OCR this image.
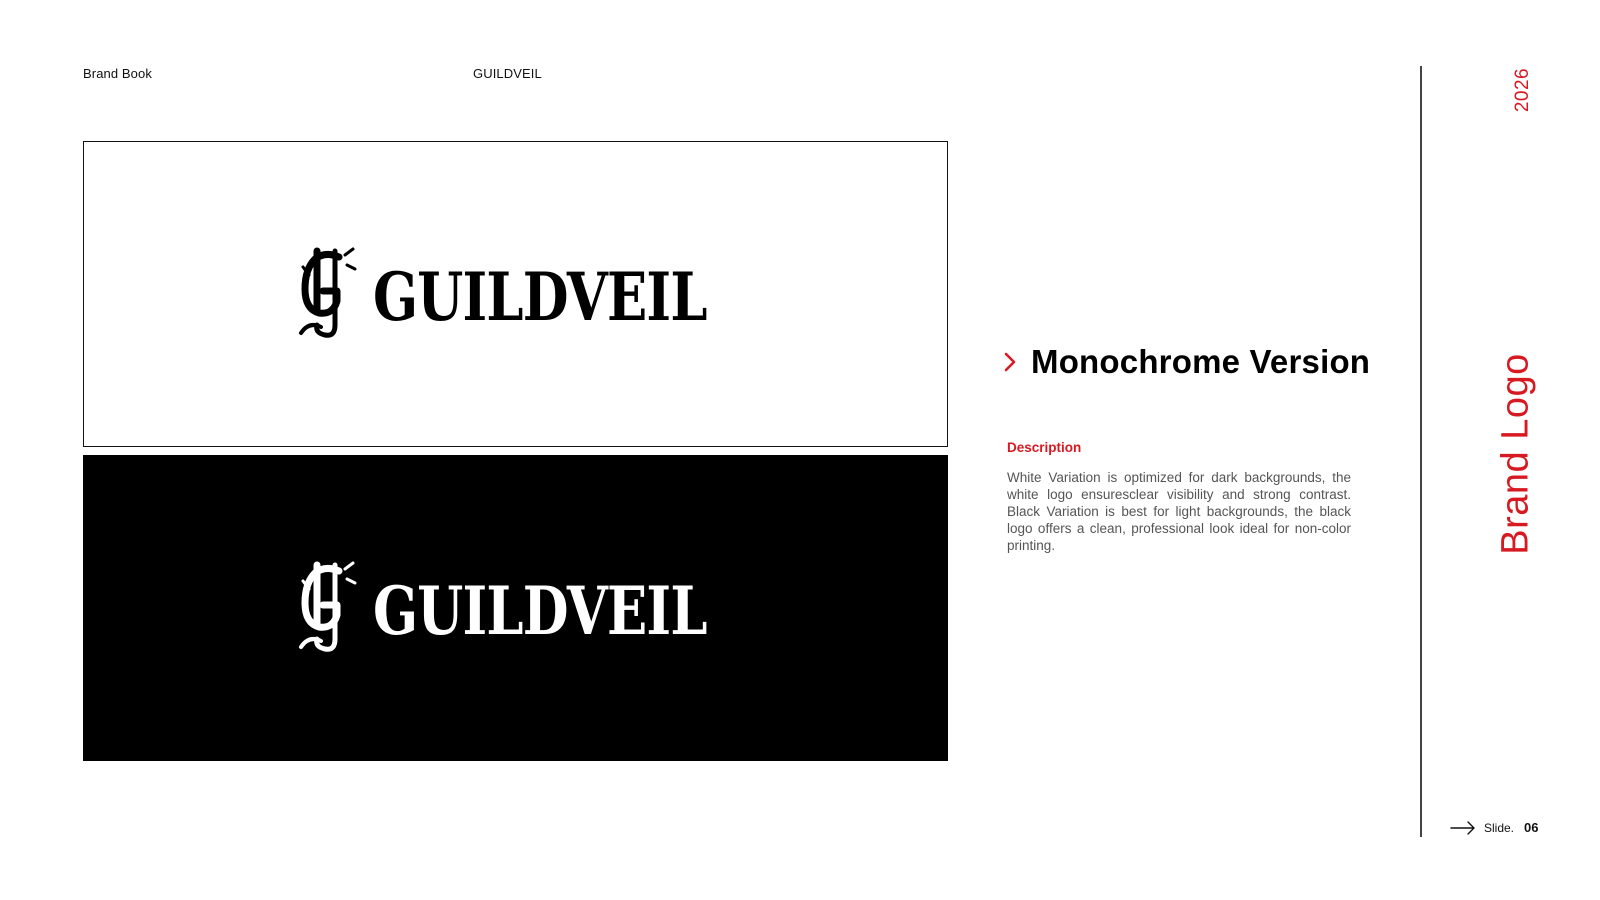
Brand Book	GUILDVEIL
GUILDVEIL
GUILDVEIL
Monochrome Version
Description
White Variation is optimized for dark backgrounds, the white logo ensuresclear visibility and strong contrast. Black Variation is best for light backgrounds, the black logo offers a clean, professional look ideal for non-color printing.
2026
Brand Logo
Slide. 06
